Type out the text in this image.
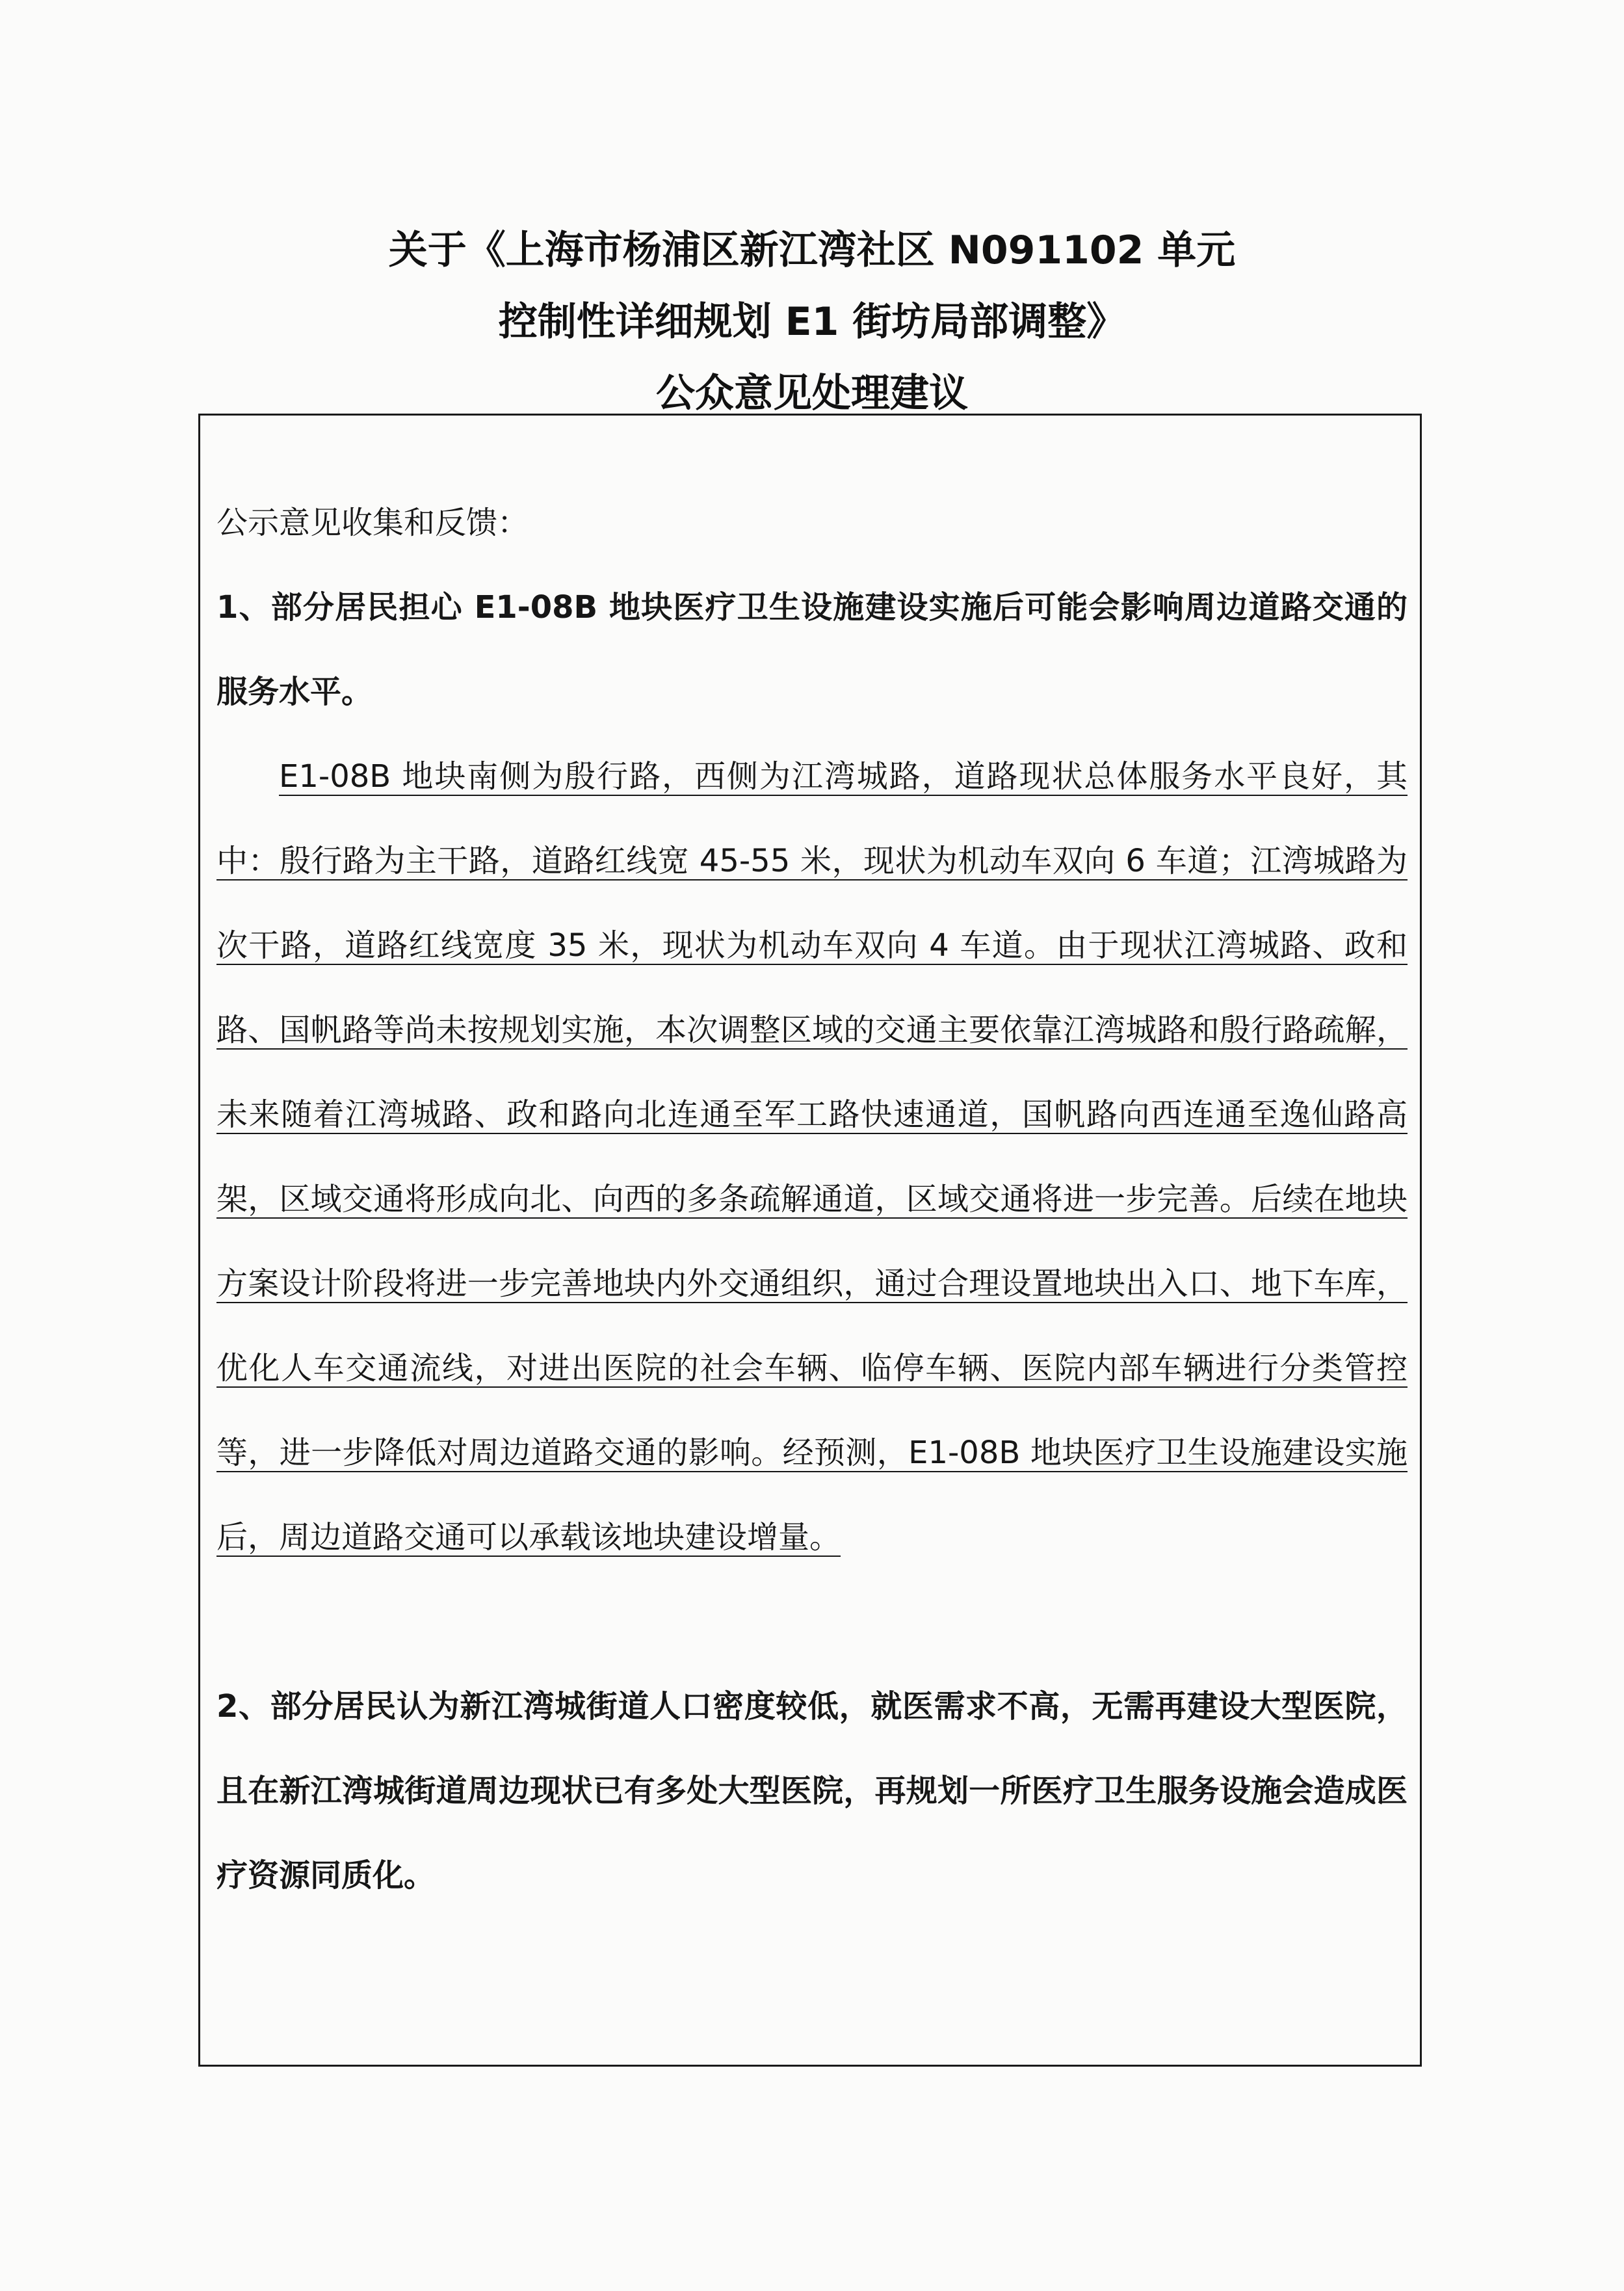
关于《上海市杨浦区新江湾社区 N091102 单元
控制性详细规划 E1 街坊局部调整》
公众意见处理建议

公示意见收集和反馈：

1、部分居民担心 E1-08B 地块医疗卫生设施建设实施后可能会影响周边道路交通的服务水平。

E1-08B 地块南侧为殷行路，西侧为江湾城路，道路现状总体服务水平良好，其中：殷行路为主干路，道路红线宽 45-55 米，现状为机动车双向 6 车道；江湾城路为次干路，道路红线宽度 35 米，现状为机动车双向 4 车道。由于现状江湾城路、政和路、国帆路等尚未按规划实施，本次调整区域的交通主要依靠江湾城路和殷行路疏解，未来随着江湾城路、政和路向北连通至军工路快速通道，国帆路向西连通至逸仙路高架，区域交通将形成向北、向西的多条疏解通道，区域交通将进一步完善。后续在地块方案设计阶段将进一步完善地块内外交通组织，通过合理设置地块出入口、地下车库，优化人车交通流线，对进出医院的社会车辆、临停车辆、医院内部车辆进行分类管控等，进一步降低对周边道路交通的影响。经预测，E1-08B 地块医疗卫生设施建设实施后，周边道路交通可以承载该地块建设增量。

2、部分居民认为新江湾城街道人口密度较低，就医需求不高，无需再建设大型医院，且在新江湾城街道周边现状已有多处大型医院，再规划一所医疗卫生服务设施会造成医疗资源同质化。
